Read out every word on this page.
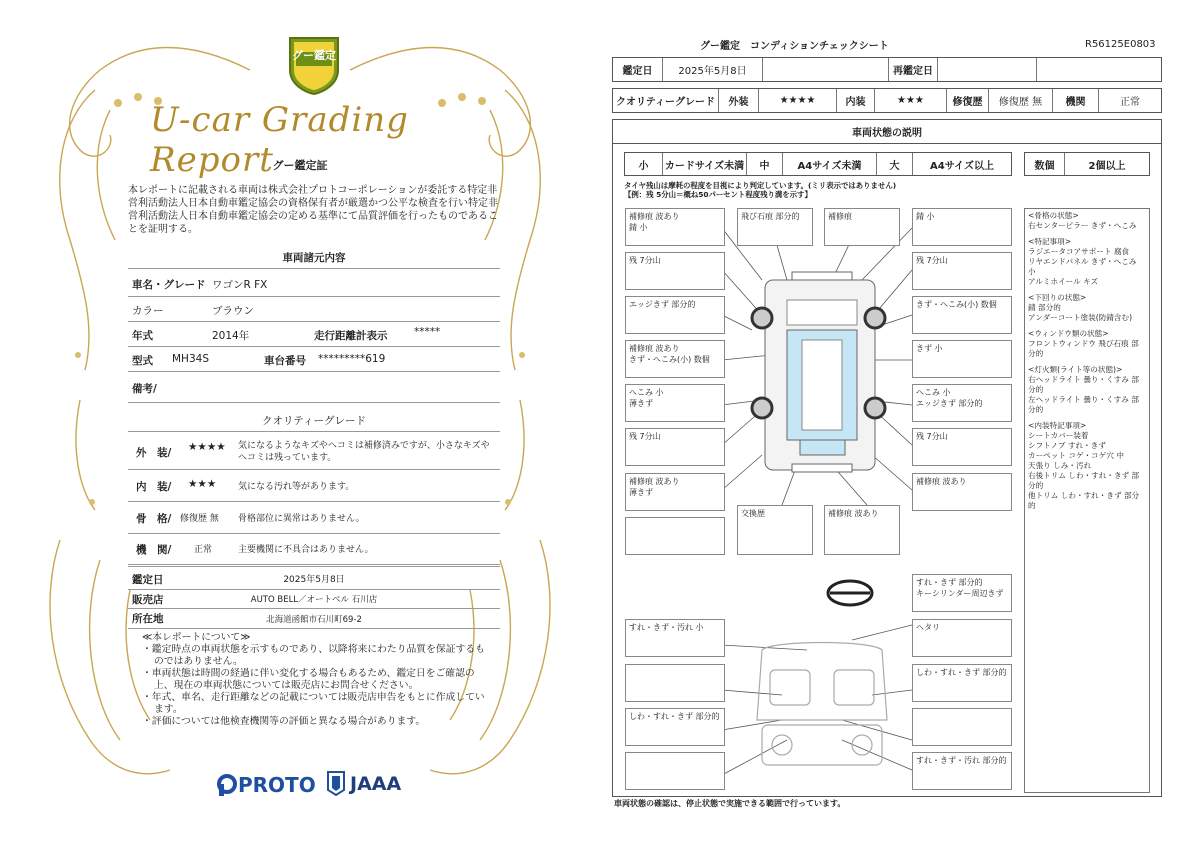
グー鑑定
U-car Grading Report
グー鑑定証
本レポートに記載される車両は株式会社プロトコーポレーションが委託する特定非営利活動法人日本自動車鑑定協会の資格保有者が厳選かつ公平な検査を行い特定非営利活動法人日本自動車鑑定協会の定める基準にて品質評価を行ったものであることを証明する。
車両諸元内容
車名・グレード ワゴンR FX
カラー	ブラウン
年式	2014年	走行距離計表示	*****
型式 MH34S	車台番号 *********619
備考/
クオリティーグレード
外　装/ ★★★★ 気になるようなキズやヘコミは補修済みですが、小さなキズやヘコミは残っています。
内　装/ ★★★ 気になる汚れ等があります。
骨　格/ 修復歴 無 骨格部位に異常はありません。
機　関/	正常	主要機関に不具合はありません。
鑑定日	2025年5月8日
販売店	AUTO BELL／オートベル 石川店
所在地	北海道函館市石川町69-2
≪本レポートについて≫
・鑑定時点の車両状態を示すものであり、以降将来にわたり品質を保証するものではありません。
・車両状態は時間の経過に伴い変化する場合もあるため、鑑定日をご確認の上、現在の車両状態については販売店にお問合せください。
・年式、車名、走行距離などの記載については販売店申告をもとに作成しています。
・評価については他検査機関等の評価と異なる場合があります。
PROTO JAAA
グー鑑定　コンディションチェックシート	R56125E0803
鑑定日	2025年5月8日	再鑑定日
クオリティーグレード	外装	★★★★	内装	★★★	修復歴	修復歴 無	機関	正常
車両状態の説明
小	カードサイズ未満	中	A4サイズ未満	大	A4サイズ以上	数個	2個以上
タイヤ残山は摩耗の程度を目視により判定しています。(ミリ表示ではありません)
【例：残 5分山＝概ね50パーセント程度残り溝を示す】
補修痕 波あり
錆 小
飛び石痕 部分的	補修痕	錆 小
残 7分山	残 7分山
エッジきず 部分的	きず・へこみ(小) 数個
補修痕 波あり
きず・へこみ(小) 数個
きず 小
へこみ 小
薄きず
へこみ 小
エッジきず 部分的
残 7分山	残 7分山
補修痕 波あり
薄きず
補修痕 波あり
交換歴	補修痕 波あり
すれ・きず 部分的
キーシリンダー周辺きず
すれ・きず・汚れ 小	ヘタリ
しわ・すれ・きず 部分的
しわ・すれ・きず 部分的
すれ・きず・汚れ 部分的
<骨格の状態>
右センターピラー きず・へこみ
<特記事項>
ラジエータコアサポート 腐食
リヤエンドパネル きず・へこみ 小
アルミホイール キズ
<下回りの状態>
錆 部分的
アンダーコート塗装(防錆含む)
<ウィンドウ類の状態>
フロントウィンドウ 飛び石痕 部分的
<灯火類(ライト等の状態)>
右ヘッドライト 曇り・くすみ 部分的
左ヘッドライト 曇り・くすみ 部分的
<内装特記事項>
シートカバー装着
シフトノブ すれ・きず
カーペット コゲ・コゲ穴 中
天張り しみ・汚れ
右後トリム しわ・すれ・きず 部分的
他トリム しわ・すれ・きず 部分的
車両状態の確認は、停止状態で実施できる範囲で行っています。
